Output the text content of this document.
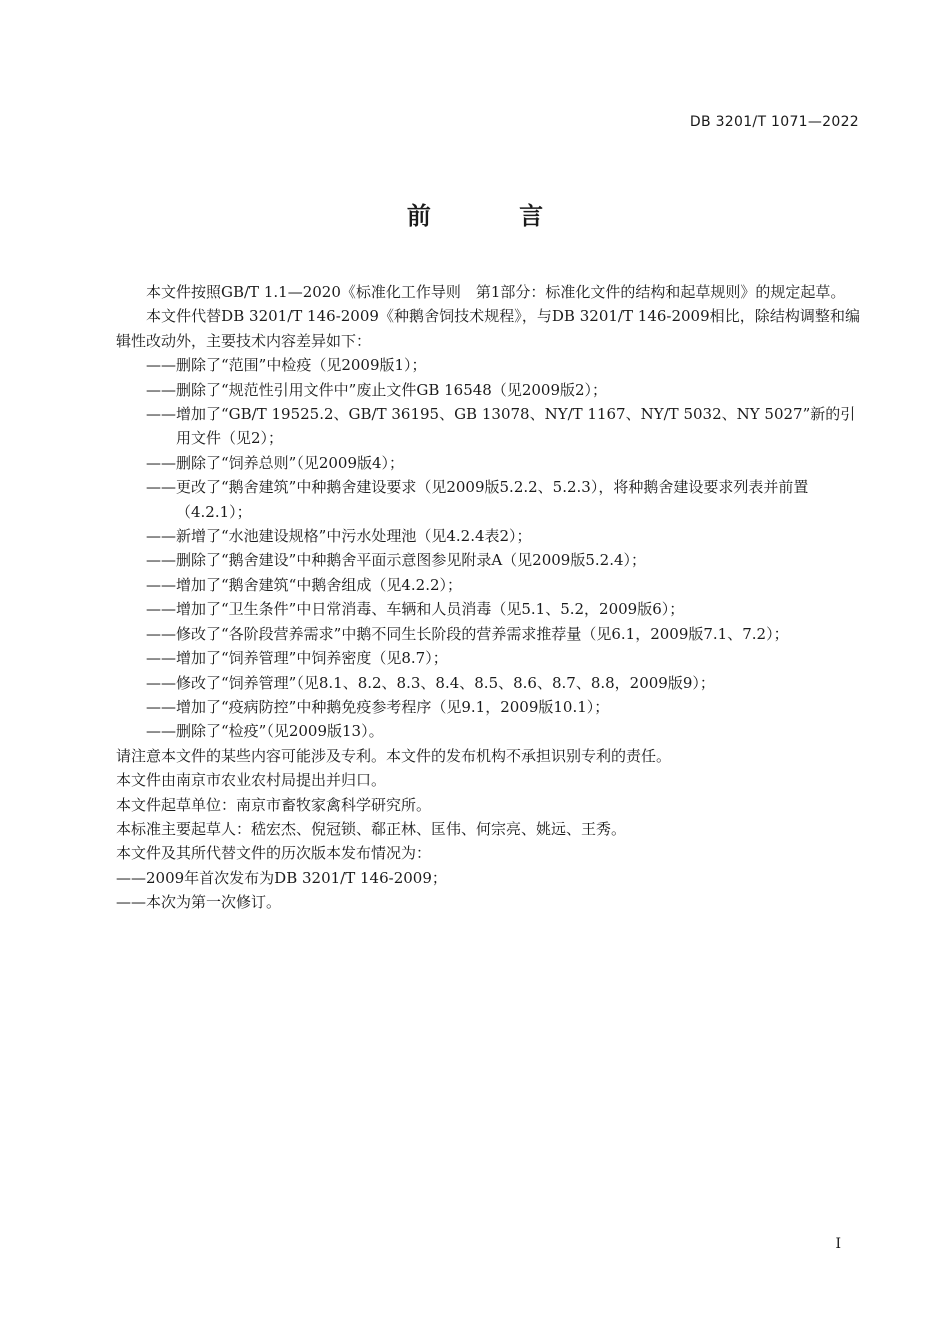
DB 3201/T 1071—2022
前 言

本文件按照GB/T 1.1—2020《标准化工作导则　第1部分：标准化文件的结构和起草规则》的规定起草。

本文件代替DB 3201/T 146-2009《种鹅舍饲技术规程》，与DB 3201/T 146-2009相比，除结构调整和编辑性改动外，主要技术内容差异如下：

—— 删除了“范围”中检疫（见2009版1）；
—— 删除了“规范性引用文件中”废止文件GB 16548（见2009版2）；
—— 增加了“GB/T 19525.2、GB/T 36195、GB 13078、NY/T 1167、NY/T 5032、NY 5027”新的引用文件（见2）；
—— 删除了“饲养总则”（见2009版4）；
—— 更改了“鹅舍建筑”中种鹅舍建设要求（见2009版5.2.2、5.2.3），将种鹅舍建设要求列表并前置（4.2.1）；
—— 新增了“水池建设规格”中污水处理池（见4.2.4表2）；
—— 删除了“鹅舍建设”中种鹅舍平面示意图参见附录A（见2009版5.2.4）；
—— 增加了“鹅舍建筑“中鹅舍组成（见4.2.2）；
—— 增加了“卫生条件”中日常消毒、车辆和人员消毒（见5.1、5.2，2009版6）；
—— 修改了“各阶段营养需求”中鹅不同生长阶段的营养需求推荐量（见6.1，2009版7.1、7.2）；
—— 增加了“饲养管理”中饲养密度（见8.7）；
—— 修改了“饲养管理”（见8.1、8.2、8.3、8.4、8.5、8.6、8.7、8.8，2009版9）；
—— 增加了“疫病防控”中种鹅免疫参考程序（见9.1，2009版10.1）；
—— 删除了“检疫”（见2009版13）。

请注意本文件的某些内容可能涉及专利。本文件的发布机构不承担识别专利的责任。

本文件由南京市农业农村局提出并归口。

本文件起草单位：南京市畜牧家禽科学研究所。

本标准主要起草人：嵇宏杰、倪冠锁、郗正林、匡伟、何宗亮、姚远、王秀。

本文件及其所代替文件的历次版本发布情况为：

—— 2009年首次发布为DB 3201/T 146-2009；
—— 本次为第一次修订。
I
